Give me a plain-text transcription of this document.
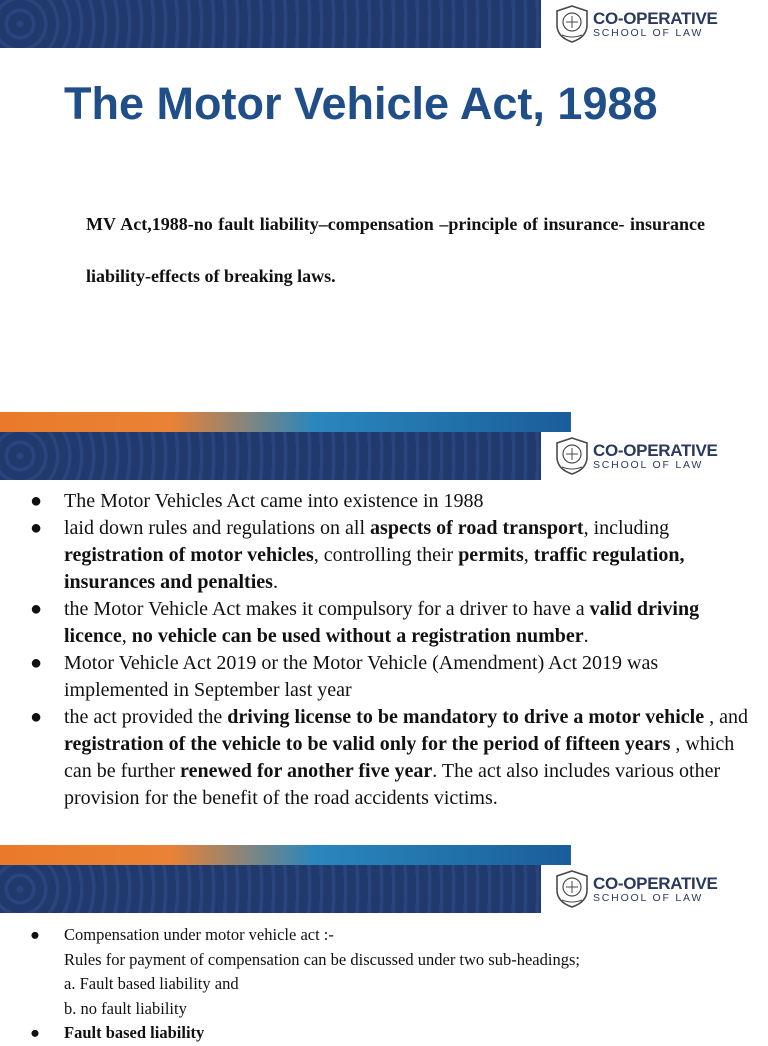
CO-OPERATIVE
SCHOOL OF LAW
The Motor Vehicle Act, 1988

MV Act,1988-no fault liability–compensation –principle of insurance- insurance liability-effects of breaking laws.

CO-OPERATIVE
SCHOOL OF LAW
● The Motor Vehicles Act came into existence in 1988
● laid down rules and regulations on all aspects of road transport, including registration of motor vehicles, controlling their permits, traffic regulation, insurances and penalties.
● the Motor Vehicle Act makes it compulsory for a driver to have a valid driving licence, no vehicle can be used without a registration number.
● Motor Vehicle Act 2019 or the Motor Vehicle (Amendment) Act 2019 was implemented in September last year
● the act provided the driving license to be mandatory to drive a motor vehicle , and registration of the vehicle to be valid only for the period of fifteen years , which can be further renewed for another five year. The act also includes various other provision for the benefit of the road accidents victims.
CO-OPERATIVE
SCHOOL OF LAW
● Compensation under motor vehicle act :-
Rules for payment of compensation can be discussed under two sub-headings;
a. Fault based liability and
b. no fault liability
● Fault based liability
